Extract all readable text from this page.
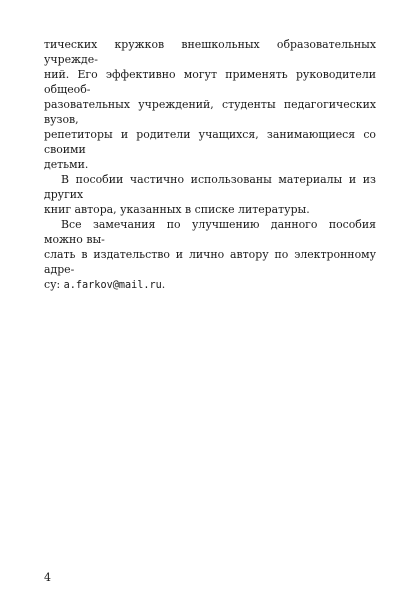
тических кружков внешкольных образовательных учрежде-
ний. Его эффективно могут применять руководители общеоб-
разовательных учреждений, студенты педагогических вузов,
репетиторы и родители учащихся, занимающиеся со своими
детьми.

В пособии частично использованы материалы и из других
книг автора, указанных в списке литературы.

Все замечания по улучшению данного пособия можно вы-
слать в издательство и лично автору по электронному адре-
су: a.farkov@mail.ru.

4
